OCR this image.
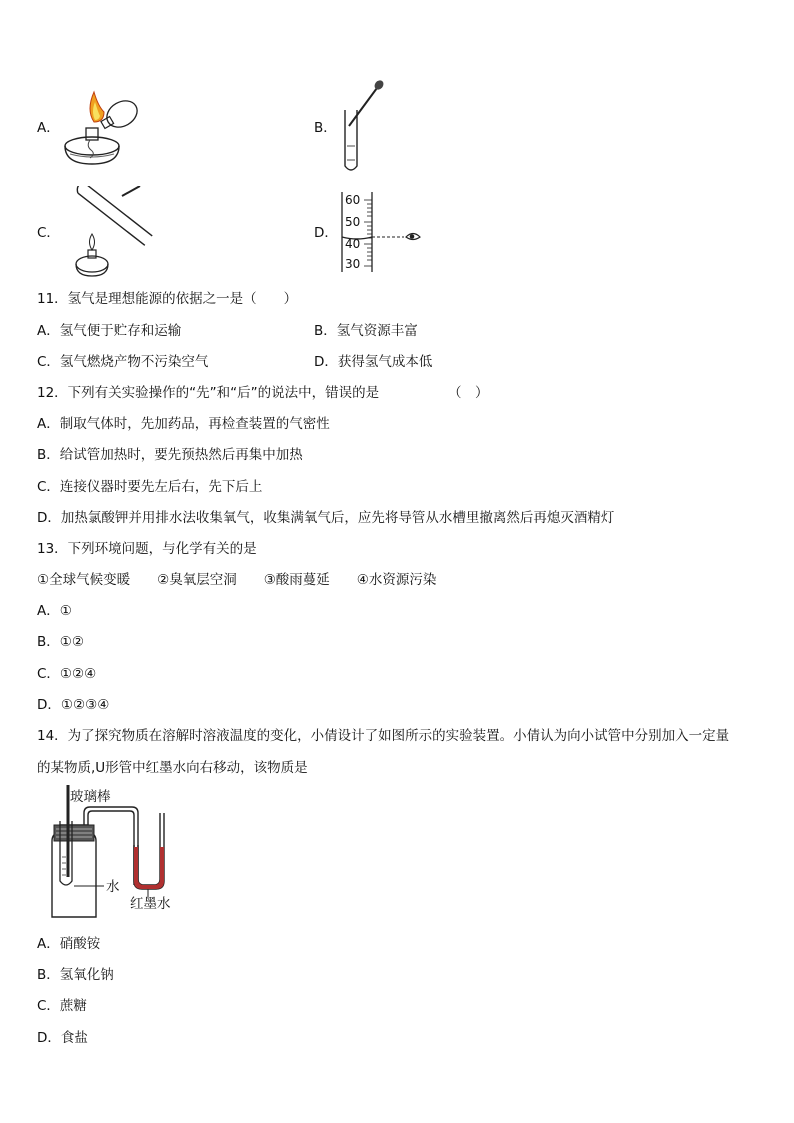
A．	B．
C．	D．
60
50
40
30
11．氢气是理想能源的依据之一是（　　）
A．氢气便于贮存和运输	B．氢气资源丰富
C．氢气燃烧产物不污染空气	D．获得氢气成本低
12．下列有关实验操作的“先”和“后”的说法中，错误的是	（　）
A．制取气体时，先加药品，再检查装置的气密性
B．给试管加热时，要先预热然后再集中加热
C．连接仪器时要先左后右，先下后上
D．加热氯酸钾并用排水法收集氧气，收集满氧气后，应先将导管从水槽里撤离然后再熄灭酒精灯
13．下列环境问题，与化学有关的是
①全球气候变暖　　②臭氧层空洞　　③酸雨蔓延　　④水资源污染
A．①
B．①②
C．①②④
D．①②③④
14．为了探究物质在溶解时溶液温度的变化，小倩设计了如图所示的实验装置。小倩认为向小试管中分别加入一定量
的某物质,U形管中红墨水向右移动，该物质是
玻璃棒
水
红墨水
A．硝酸铵
B．氢氧化钠
C．蔗糖
D．食盐
